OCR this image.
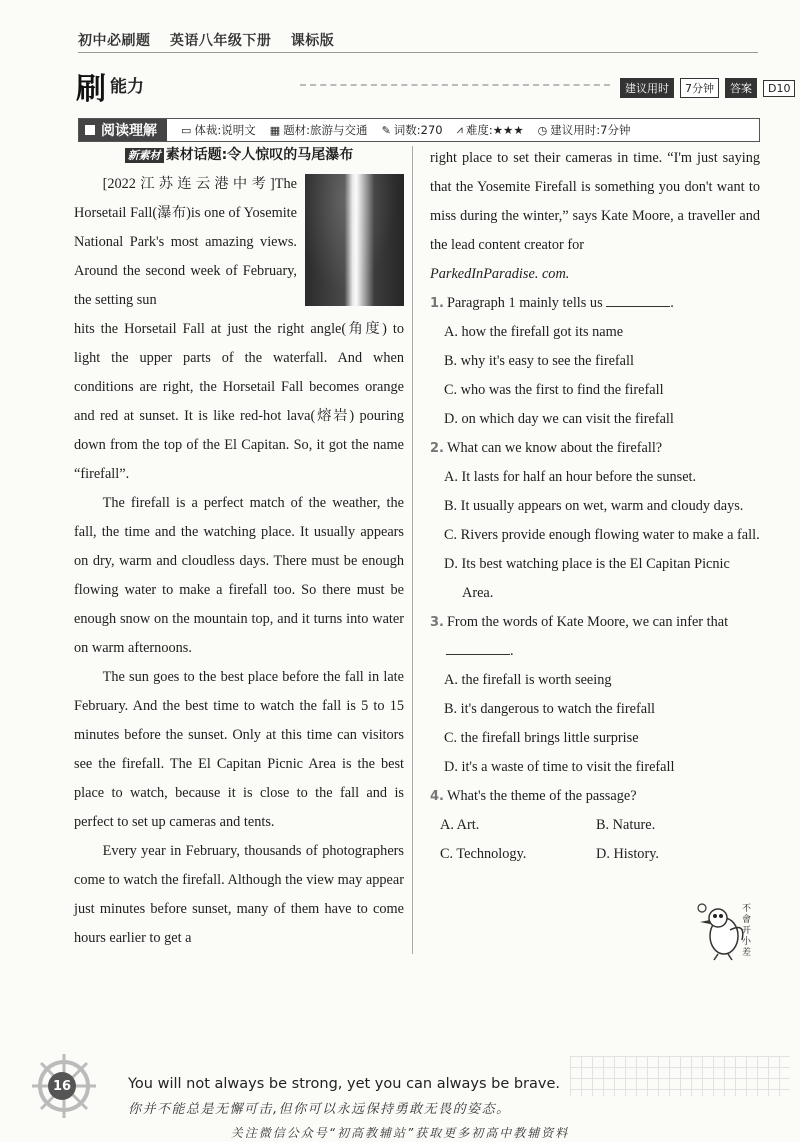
初中必刷题 英语八年级下册 课标版
刷 能力	建议用时	7分钟	答案	D10
阅读理解 ▭ 体裁:说明文 ▦ 题材:旅游与交通 ✎ 词数:270 ⩘ 难度:★★★ ◷ 建议用时:7分钟
新素材 素材话题:令人惊叹的马尾瀑布

[2022江苏连云港中考]The Horsetail Fall(瀑布)is one of Yosemite National Park's most amazing views. Around the second week of February, the setting sun

hits the Horsetail Fall at just the right angle(角度) to light the upper parts of the waterfall. And when conditions are right, the Horsetail Fall becomes orange and red at sunset. It is like red-hot lava(熔岩) pouring down from the top of the El Capitan. So, it got the name “firefall”.

The firefall is a perfect match of the weather, the fall, the time and the watching place. It usually appears on dry, warm and cloudless days. There must be enough flowing water to make a firefall too. So there must be enough snow on the mountain top, and it turns into water on warm afternoons.

The sun goes to the best place before the fall in late February. And the best time to watch the fall is 5 to 15 minutes before the sunset. Only at this time can visitors see the firefall. The El Capitan Picnic Area is the best place to watch, because it is close to the fall and is perfect to set up cameras and tents.

Every year in February, thousands of photographers come to watch the firefall. Although the view may appear just minutes before sunset, many of them have to come hours earlier to get a

right place to set their cameras in time. “I'm just saying that the Yosemite Firefall is something you don't want to miss during the winter,” says Kate Moore, a traveller and the lead content creator for

ParkedInParadise. com.

1. Paragraph 1 mainly tells us	.
A. how the firefall got its name
B. why it's easy to see the firefall
C. who was the first to find the firefall
D. on which day we can visit the firefall
2. What can we know about the firefall?
A. It lasts for half an hour before the sunset.
B. It usually appears on wet, warm and cloudy days.
C. Rivers provide enough flowing water to make a fall.
D. Its best watching place is the El Capitan Picnic Area.
3. From the words of Kate Moore, we can infer that .
A. the firefall is worth seeing
B. it's dangerous to watch the firefall
C. the firefall brings little surprise
D. it's a waste of time to visit the firefall
4. What's the theme of the passage?
A. Art.	B. Nature.
C. Technology.	D. History.
不會开小差
16	You will not always be strong, yet you can always be brave.
你并不能总是无懈可击,但你可以永远保持勇敢无畏的姿态。
关注微信公众号“初高教辅站”获取更多初高中教辅资料
